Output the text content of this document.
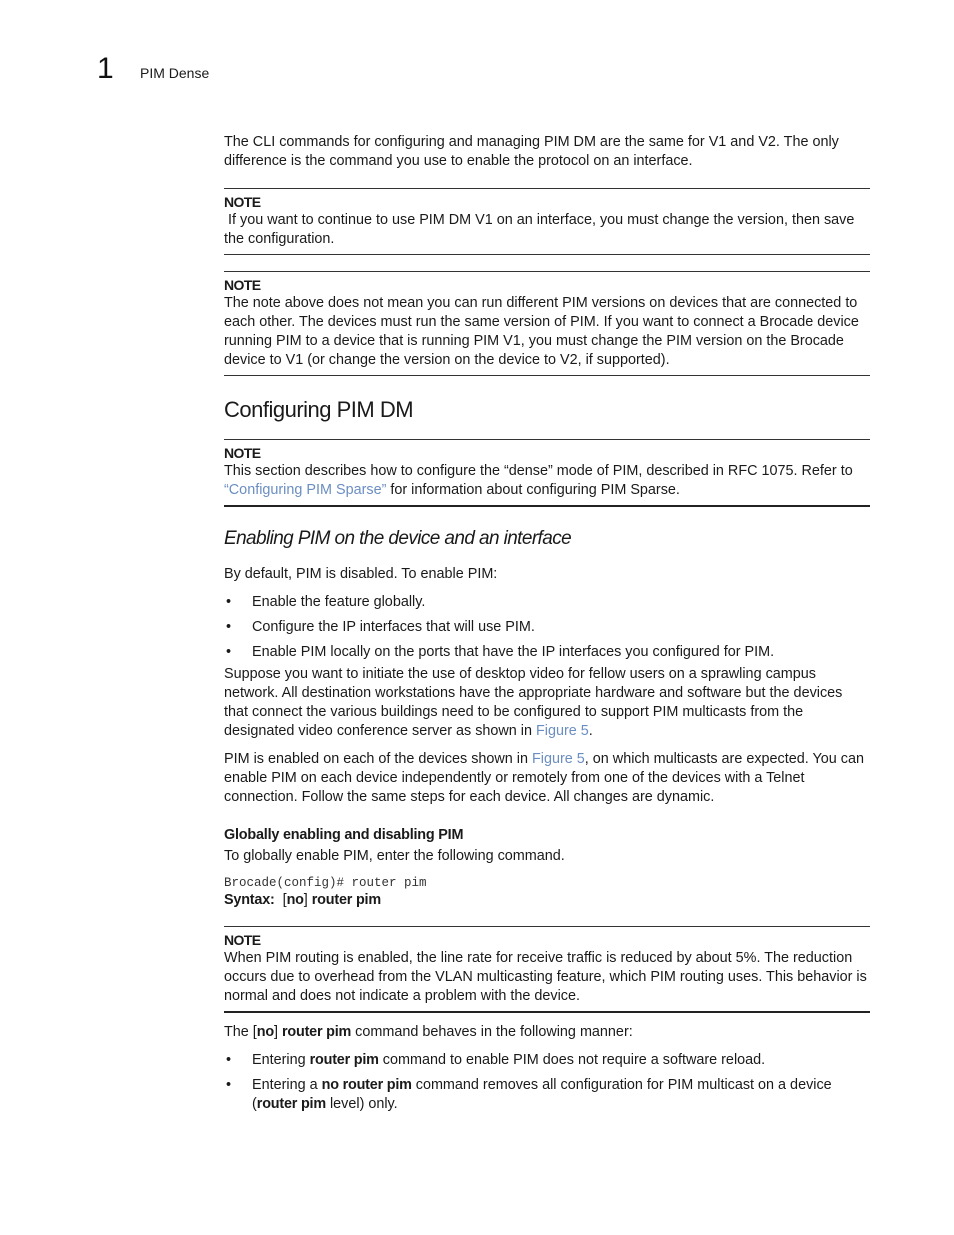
1 PIM Dense

The CLI commands for configuring and managing PIM DM are the same for V1 and V2. The only difference is the command you use to enable the protocol on an interface.

NOTE

If you want to continue to use PIM DM V1 on an interface, you must change the version, then save the configuration.

NOTE

The note above does not mean you can run different PIM versions on devices that are connected to each other. The devices must run the same version of PIM. If you want to connect a Brocade device running PIM to a device that is running PIM V1, you must change the PIM version on the Brocade device to V1 (or change the version on the device to V2, if supported).

Configuring PIM DM
NOTE

This section describes how to configure the “dense” mode of PIM, described in RFC 1075. Refer to “Configuring PIM Sparse” for information about configuring PIM Sparse.

Enabling PIM on the device and an interface

By default, PIM is disabled. To enable PIM:

• Enable the feature globally.
• Configure the IP interfaces that will use PIM.
• Enable PIM locally on the ports that have the IP interfaces you configured for PIM.

Suppose you want to initiate the use of desktop video for fellow users on a sprawling campus network. All destination workstations have the appropriate hardware and software but the devices that connect the various buildings need to be configured to support PIM multicasts from the designated video conference server as shown in Figure 5.

PIM is enabled on each of the devices shown in Figure 5, on which multicasts are expected. You can enable PIM on each device independently or remotely from one of the devices with a Telnet connection. Follow the same steps for each device. All changes are dynamic.

Globally enabling and disabling PIM

To globally enable PIM, enter the following command.

Brocade(config)# router pim

Syntax: [no] router pim

NOTE

When PIM routing is enabled, the line rate for receive traffic is reduced by about 5%. The reduction occurs due to overhead from the VLAN multicasting feature, which PIM routing uses. This behavior is normal and does not indicate a problem with the device.

The [no] router pim command behaves in the following manner:

• Entering router pim command to enable PIM does not require a software reload.
• Entering a no router pim command removes all configuration for PIM multicast on a device (router pim level) only.
